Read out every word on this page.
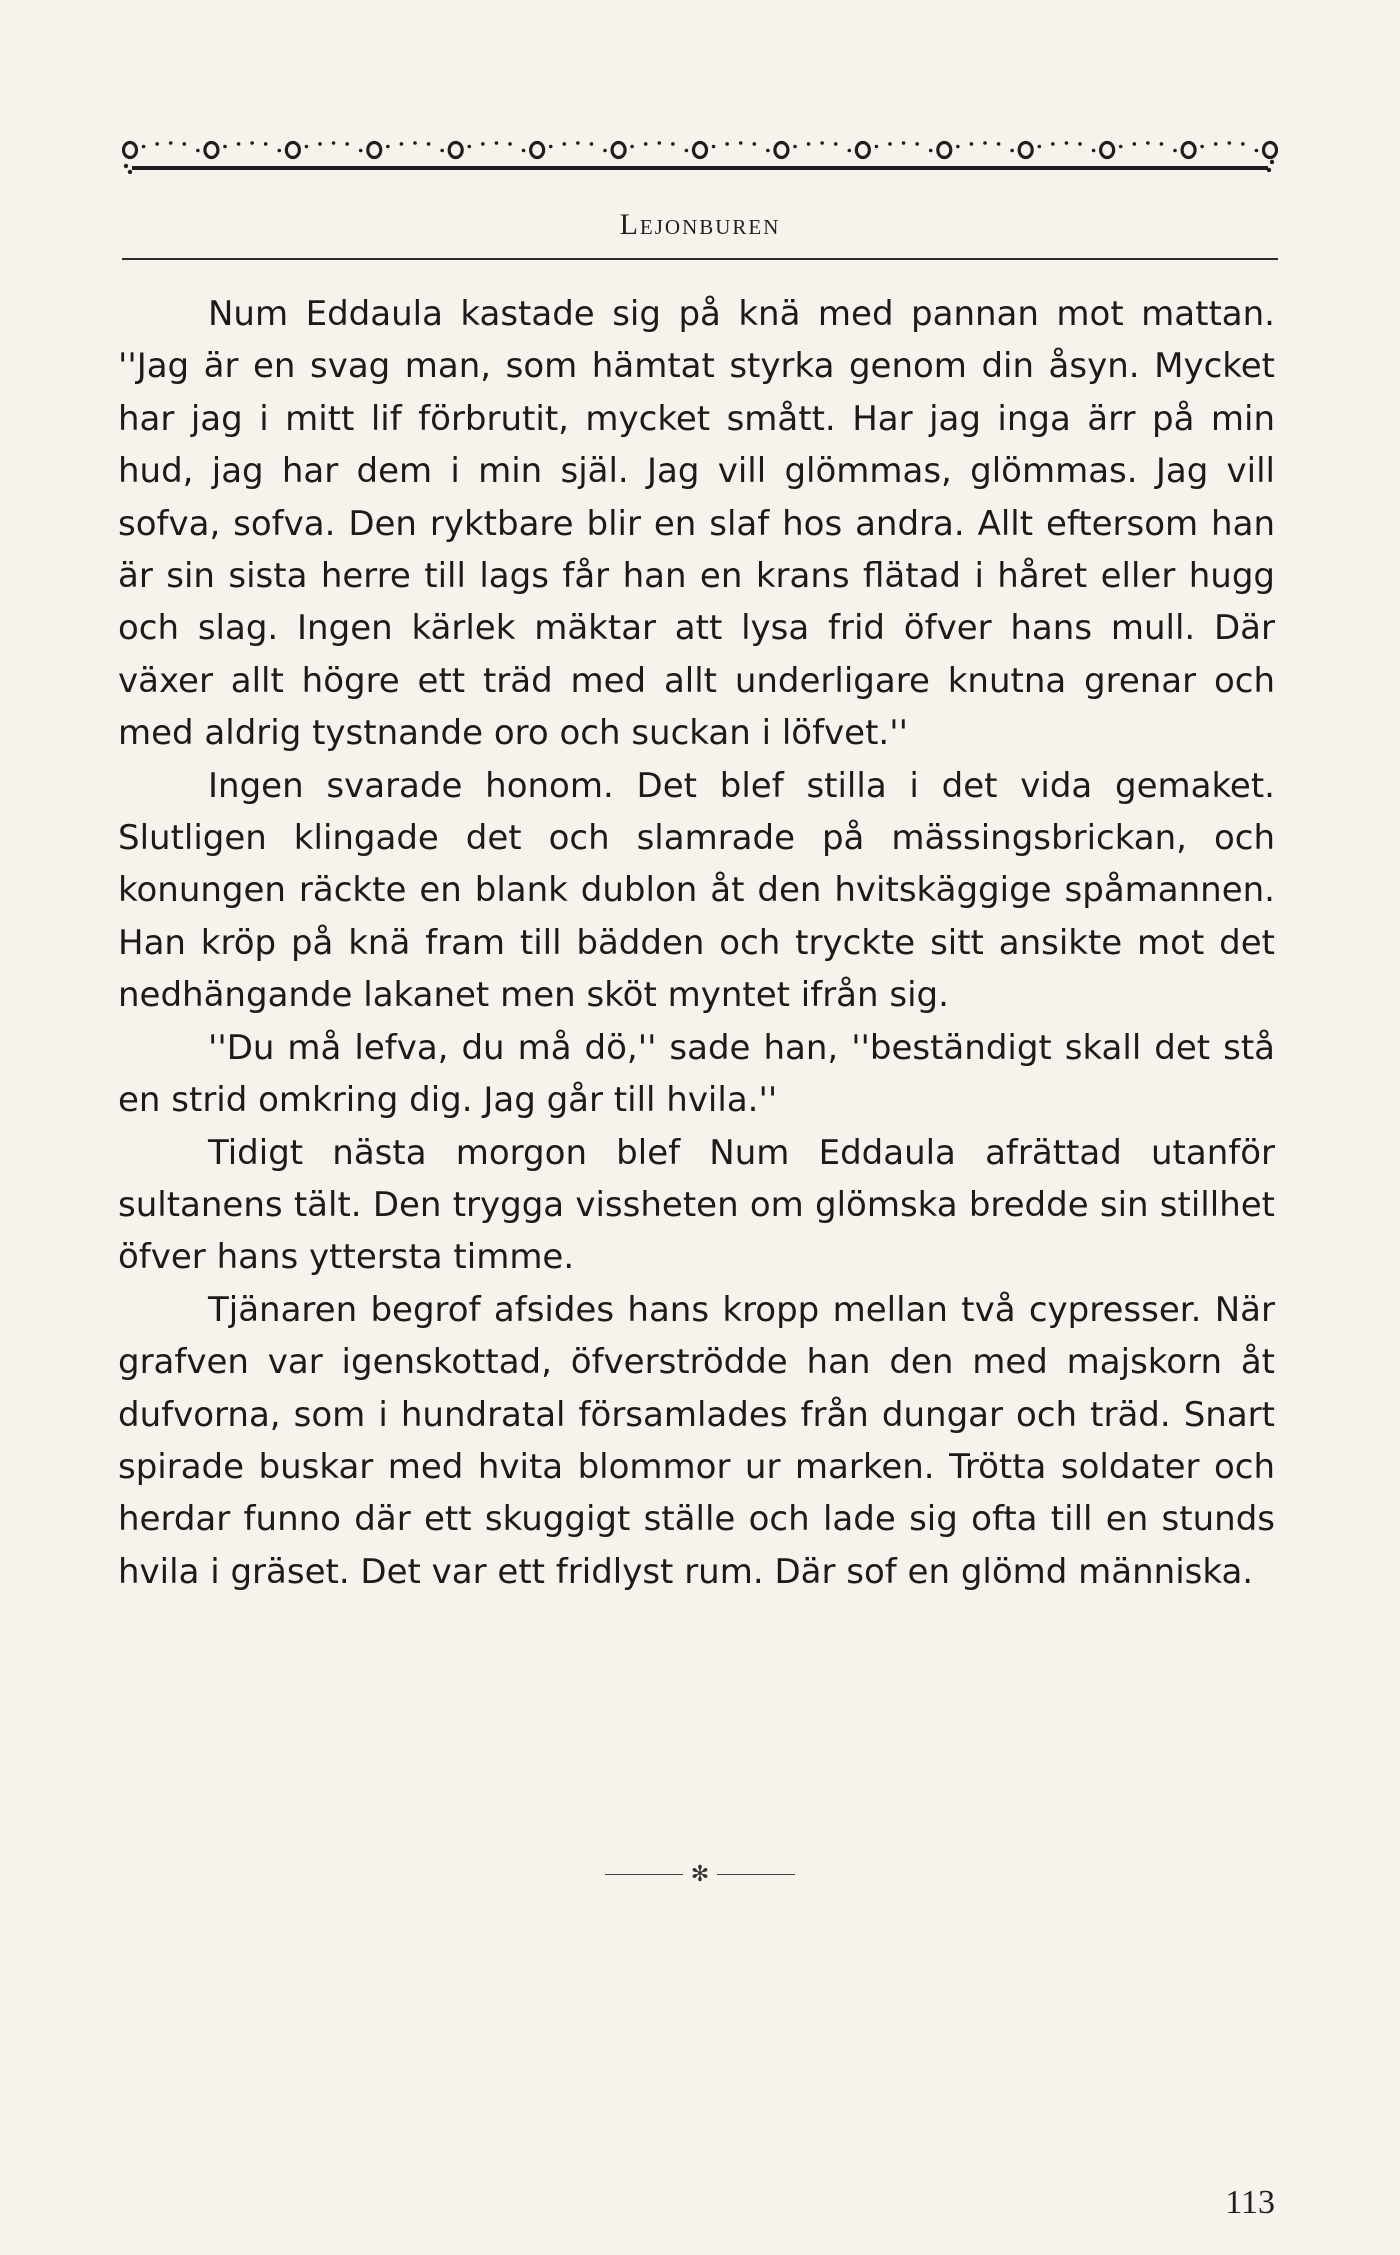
Lejonburen

Num Eddaula kastade sig på knä med pannan mot mattan. ''Jag är en svag man, som hämtat styrka genom din åsyn. Mycket har jag i mitt lif förbrutit, mycket smått. Har jag inga ärr på min hud, jag har dem i min själ. Jag vill glömmas, glömmas. Jag vill sofva, sofva. Den ryktbare blir en slaf hos andra. Allt eftersom han är sin sista herre till lags får han en krans flätad i håret eller hugg och slag. Ingen kärlek mäktar att lysa frid öfver hans mull. Där växer allt högre ett träd med allt underligare knutna grenar och med aldrig tystnande oro och suckan i löfvet.''

Ingen svarade honom. Det blef stilla i det vida gemaket. Slutligen klingade det och slamrade på mässingsbrickan, och konungen räckte en blank dublon åt den hvitskäggige spåmannen. Han kröp på knä fram till bädden och tryckte sitt ansikte mot det nedhängande lakanet men sköt myntet ifrån sig.

''Du må lefva, du må dö,'' sade han, ''beständigt skall det stå en strid omkring dig. Jag går till hvila.''

Tidigt nästa morgon blef Num Eddaula afrättad utanför sultanens tält. Den trygga vissheten om glömska bredde sin stillhet öfver hans yttersta timme.

Tjänaren begrof afsides hans kropp mellan två cypresser. När grafven var igenskottad, öfverströdde han den med majskorn åt dufvorna, som i hundratal församlades från dungar och träd. Snart spirade buskar med hvita blommor ur marken. Trötta soldater och herdar funno där ett skuggigt ställe och lade sig ofta till en stunds hvila i gräset. Det var ett fridlyst rum. Där sof en glömd människa.

✻
113
